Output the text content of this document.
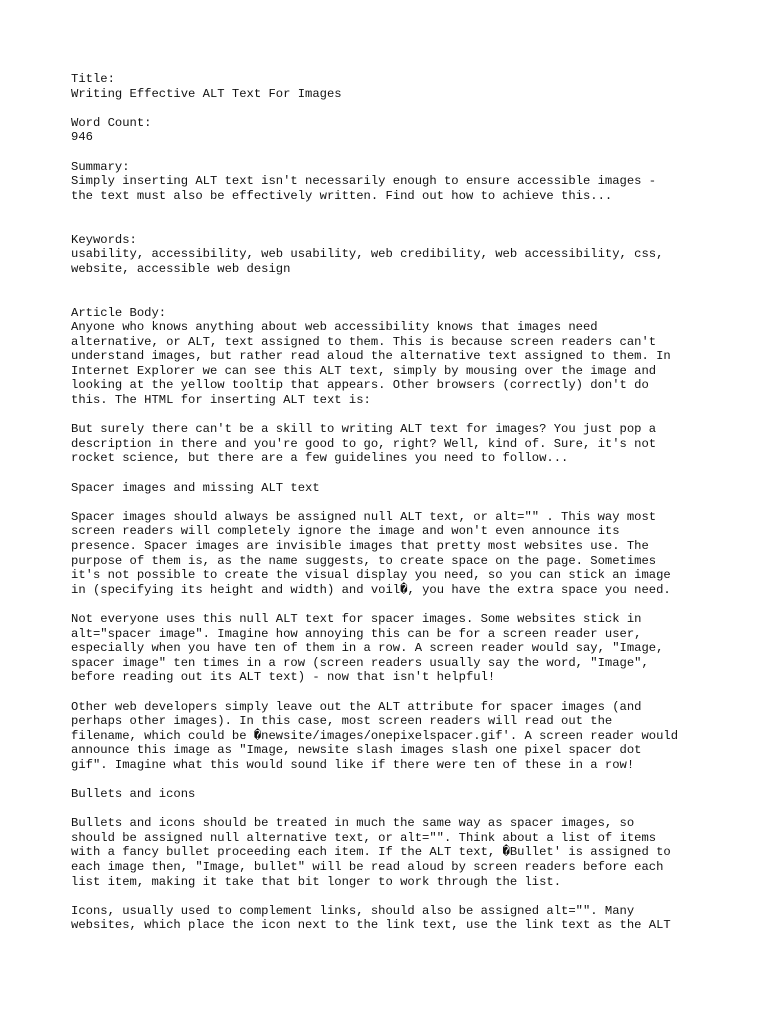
Title:
Writing Effective ALT Text For Images
Word Count:
946
Summary:
Simply inserting ALT text isn't necessarily enough to ensure accessible images -
the text must also be effectively written. Find out how to achieve this...
Keywords:
usability, accessibility, web usability, web credibility, web accessibility, css,
website, accessible web design
Article Body:
Anyone who knows anything about web accessibility knows that images need
alternative, or ALT, text assigned to them. This is because screen readers can't
understand images, but rather read aloud the alternative text assigned to them. In
Internet Explorer we can see this ALT text, simply by mousing over the image and
looking at the yellow tooltip that appears. Other browsers (correctly) don't do
this. The HTML for inserting ALT text is:
But surely there can't be a skill to writing ALT text for images? You just pop a
description in there and you're good to go, right? Well, kind of. Sure, it's not
rocket science, but there are a few guidelines you need to follow...
Spacer images and missing ALT text
Spacer images should always be assigned null ALT text, or alt="" . This way most
screen readers will completely ignore the image and won't even announce its
presence. Spacer images are invisible images that pretty most websites use. The
purpose of them is, as the name suggests, to create space on the page. Sometimes
it's not possible to create the visual display you need, so you can stick an image
in (specifying its height and width) and voil�, you have the extra space you need.
Not everyone uses this null ALT text for spacer images. Some websites stick in
alt="spacer image". Imagine how annoying this can be for a screen reader user,
especially when you have ten of them in a row. A screen reader would say, "Image,
spacer image" ten times in a row (screen readers usually say the word, "Image",
before reading out its ALT text) - now that isn't helpful!
Other web developers simply leave out the ALT attribute for spacer images (and
perhaps other images). In this case, most screen readers will read out the
filename, which could be �newsite/images/onepixelspacer.gif'. A screen reader would
announce this image as "Image, newsite slash images slash one pixel spacer dot
gif". Imagine what this would sound like if there were ten of these in a row!
Bullets and icons
Bullets and icons should be treated in much the same way as spacer images, so
should be assigned null alternative text, or alt="". Think about a list of items
with a fancy bullet proceeding each item. If the ALT text, �Bullet' is assigned to
each image then, "Image, bullet" will be read aloud by screen readers before each
list item, making it take that bit longer to work through the list.
Icons, usually used to complement links, should also be assigned alt="". Many
websites, which place the icon next to the link text, use the link text as the ALT
